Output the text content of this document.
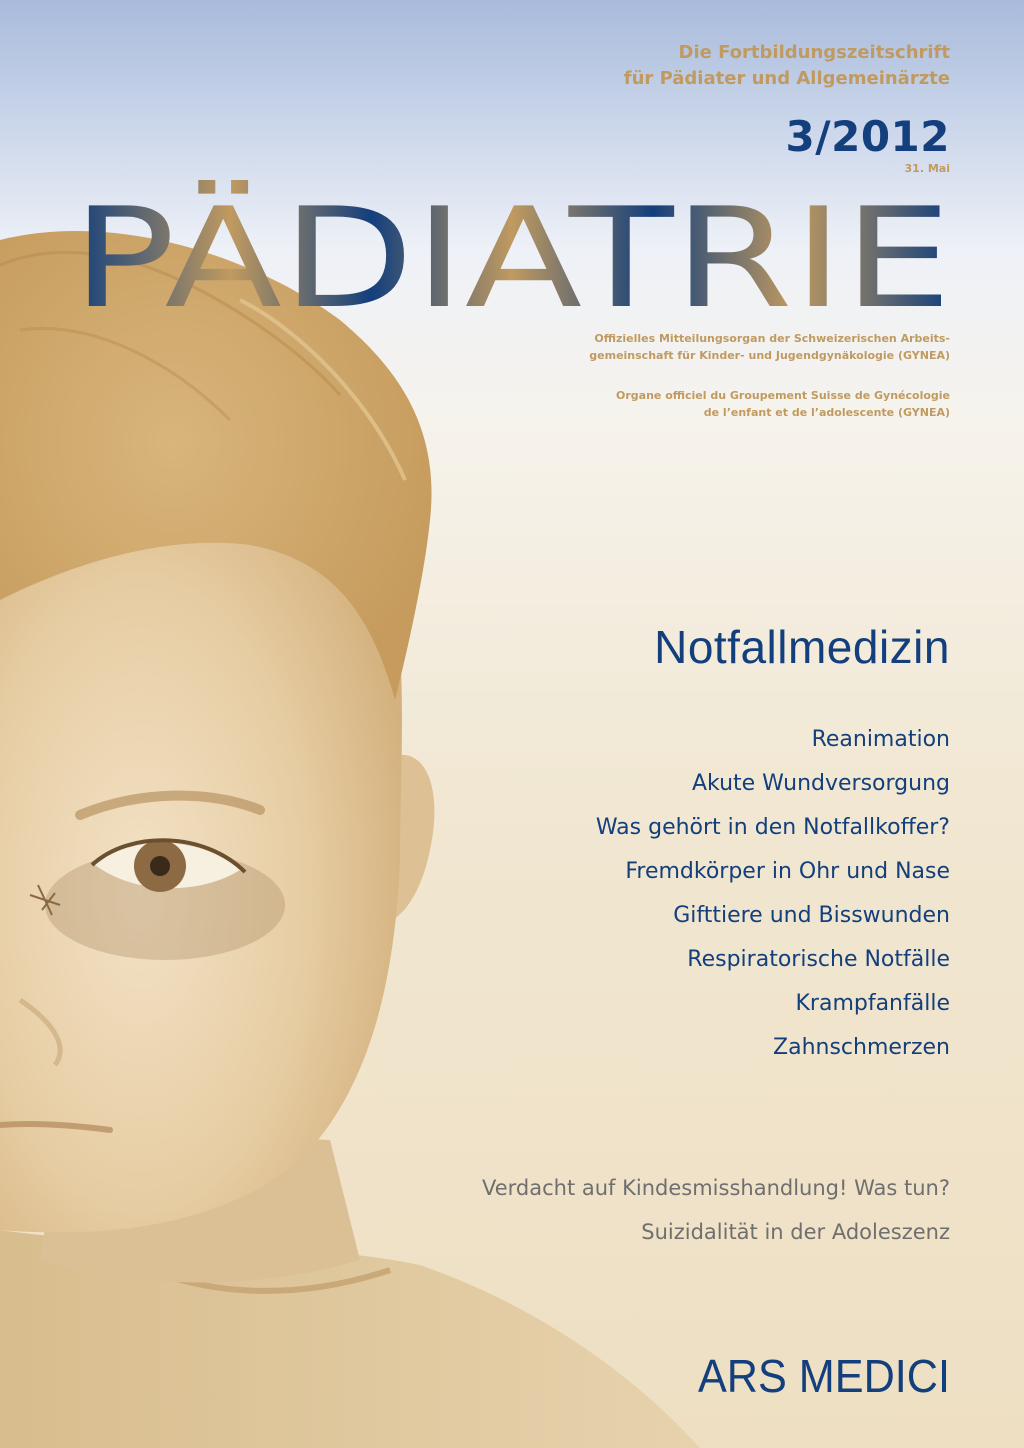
Die Fortbildungszeitschrift
für Pädiater und Allgemeinärzte
3/2012
31. Mai
PÄDIATRIE
Offizielles Mitteilungsorgan der Schweizerischen Arbeits-
gemeinschaft für Kinder- und Jugendgynäkologie (GYNEA)
Organe officiel du Groupement Suisse de Gynécologie
de l’enfant et de l’adolescente (GYNEA)
Notfallmedizin
Reanimation
Akute Wundversorgung
Was gehört in den Notfallkoffer?
Fremdkörper in Ohr und Nase
Gifttiere und Bisswunden
Respiratorische Notfälle
Krampfanfälle
Zahnschmerzen
Verdacht auf Kindesmisshandlung! Was tun?
Suizidalität in der Adoleszenz
ARS MEDICI
